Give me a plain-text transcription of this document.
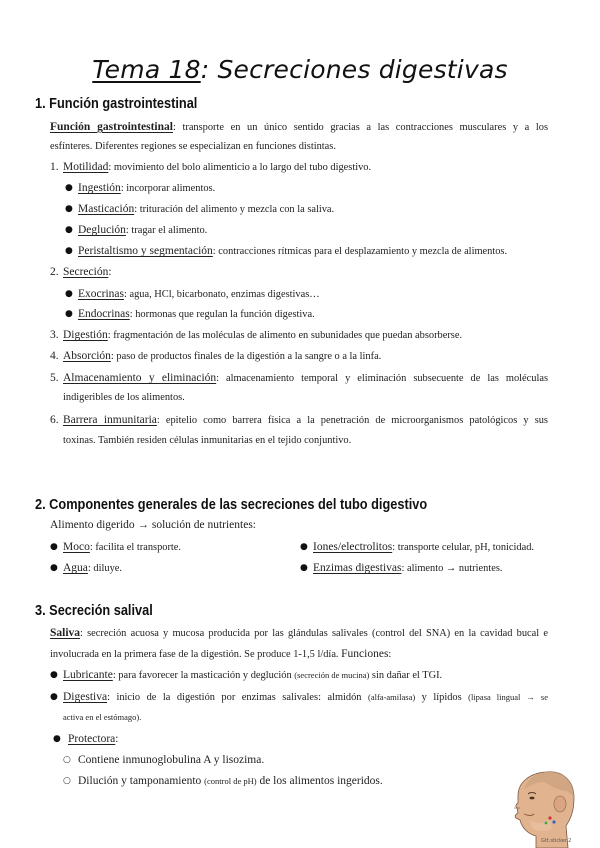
Tema 18: Secreciones digestivas
1. Función gastrointestinal
Función gastrointestinal: transporte en un único sentido gracias a las contracciones musculares y a los
esfínteres. Diferentes regiones se especializan en funciones distintas.
1. Motilidad: movimiento del bolo alimenticio a lo largo del tubo digestivo.
● Ingestión: incorporar alimentos.
● Masticación: trituración del alimento y mezcla con la saliva.
● Deglución: tragar el alimento.
● Peristaltismo y segmentación: contracciones rítmicas para el desplazamiento y mezcla de alimentos.
2. Secreción:
● Exocrinas: agua, HCl, bicarbonato, enzimas digestivas…
● Endocrinas: hormonas que regulan la función digestiva.
3. Digestión: fragmentación de las moléculas de alimento en subunidades que puedan absorberse.
4. Absorción: paso de productos finales de la digestión a la sangre o a la linfa.
5. Almacenamiento y eliminación: almacenamiento temporal y eliminación subsecuente de las moléculas
indigeribles de los alimentos.
6. Barrera inmunitaria: epitelio como barrera física a la penetración de microorganismos patológicos y sus
toxinas. También residen células inmunitarias en el tejido conjuntivo.
2. Componentes generales de las secreciones del tubo digestivo
Alimento digerido → solución de nutrientes:
● Moco: facilita el transporte.
● Agua: diluye.
● Iones/electrolitos: transporte celular, pH, tonicidad.
● Enzimas digestivas: alimento → nutrientes.
3. Secreción salival
Saliva: secreción acuosa y mucosa producida por las glándulas salivales (control del SNA) en la cavidad bucal e
involucrada en la primera fase de la digestión. Se produce 1-1,5 l/día. Funciones:
● Lubricante: para favorecer la masticación y deglución (secreción de mucina) sin dañar el TGI.
● Digestiva: inicio de la digestión por enzimas salivales: almidón (alfa-amilasa) y lípidos (lipasa lingual → se
activa en el estómago).
● Protectora:
○ Contiene inmunoglobulina A y lisozima.
○ Dilución y tamponamiento (control de pH) de los alimentos ingeridos.
Gtt.sticker.2
